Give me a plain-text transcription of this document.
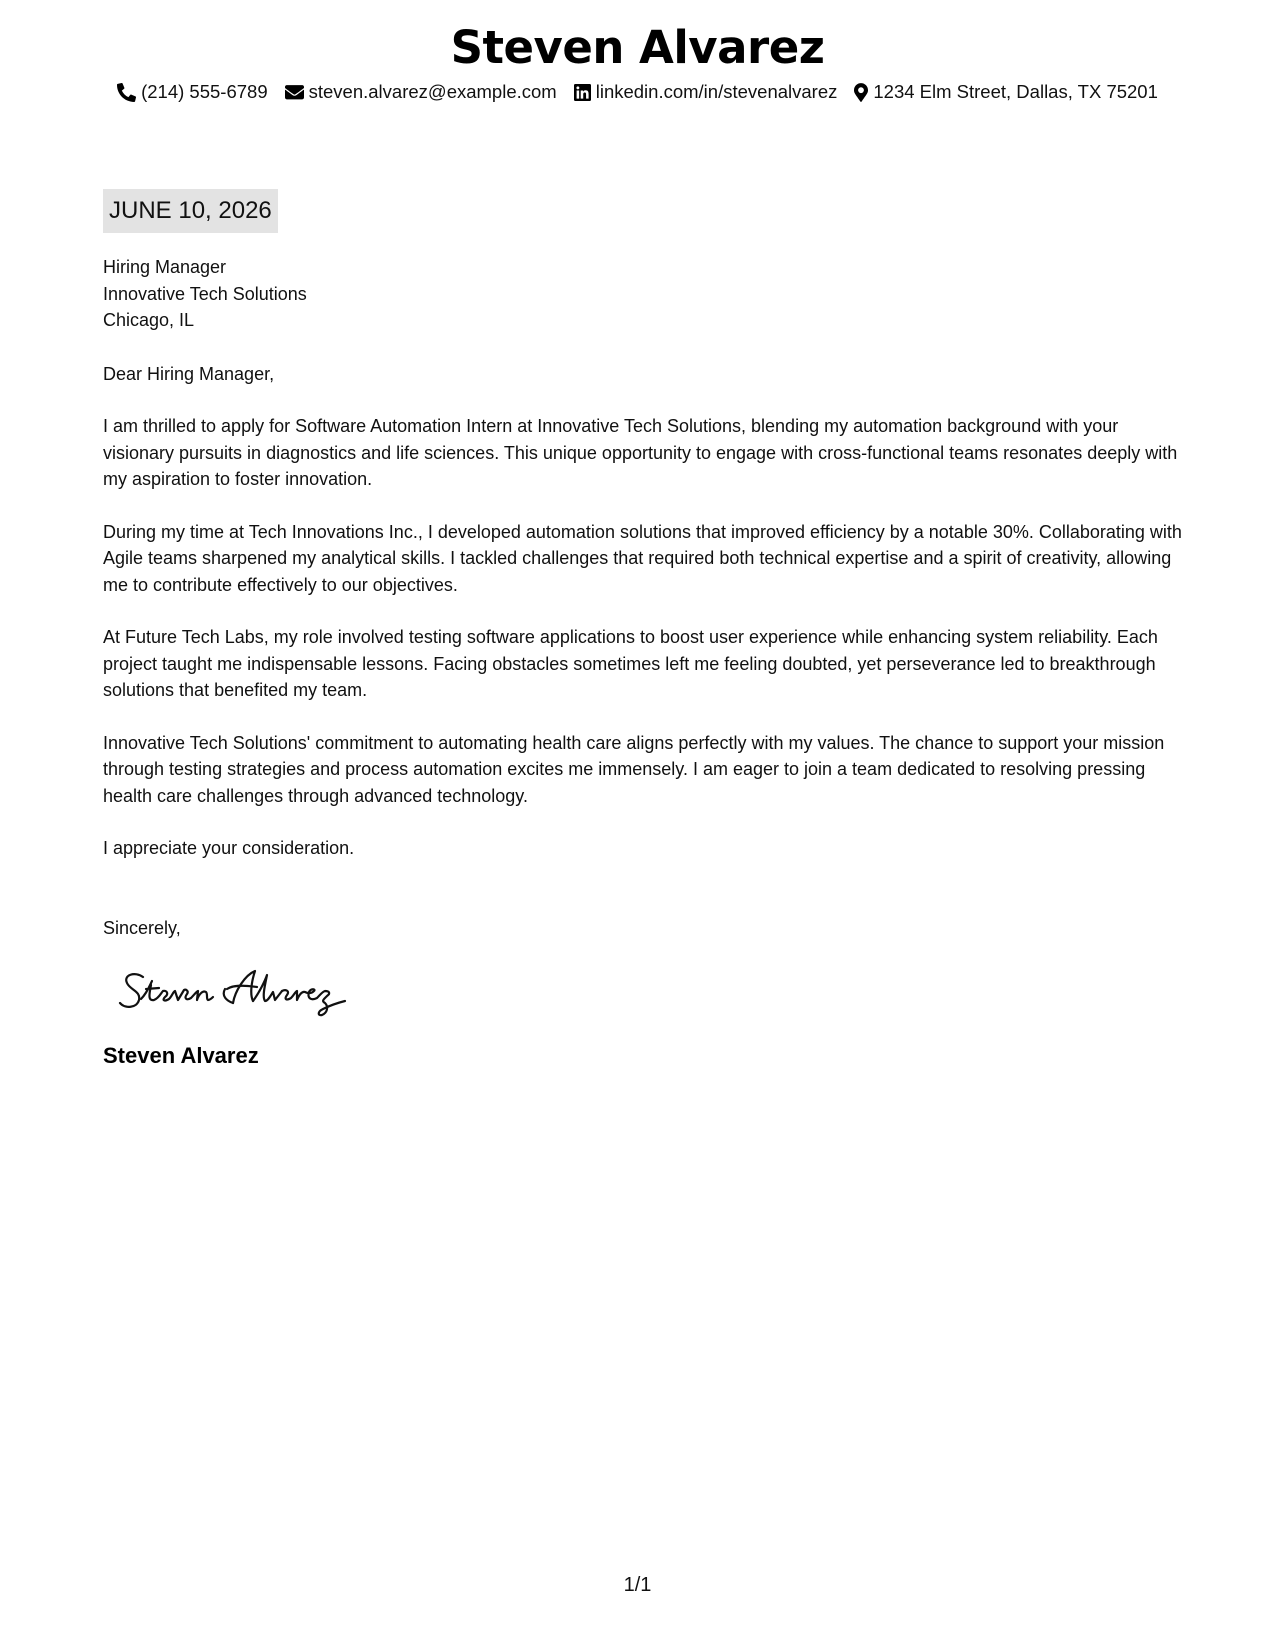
Steven Alvarez
(214) 555-6789 steven.alvarez@example.com linkedin.com/in/stevenalvarez 1234 Elm Street, Dallas, TX 75201
JUNE 10, 2026
Hiring Manager
Innovative Tech Solutions
Chicago, IL
Dear Hiring Manager,

I am thrilled to apply for Software Automation Intern at Innovative Tech Solutions, blending my automation background with your visionary pursuits in diagnostics and life sciences. This unique opportunity to engage with cross-functional teams resonates deeply with my aspiration to foster innovation.

During my time at Tech Innovations Inc., I developed automation solutions that improved efficiency by a notable 30%. Collaborating with Agile teams sharpened my analytical skills. I tackled challenges that required both technical expertise and a spirit of creativity, allowing me to contribute effectively to our objectives.

At Future Tech Labs, my role involved testing software applications to boost user experience while enhancing system reliability. Each project taught me indispensable lessons. Facing obstacles sometimes left me feeling doubted, yet perseverance led to breakthrough solutions that benefited my team.

Innovative Tech Solutions' commitment to automating health care aligns perfectly with my values. The chance to support your mission through testing strategies and process automation excites me immensely. I am eager to join a team dedicated to resolving pressing health care challenges through advanced technology.

I appreciate your consideration.
Sincerely,
Steven Alvarez
1/1
